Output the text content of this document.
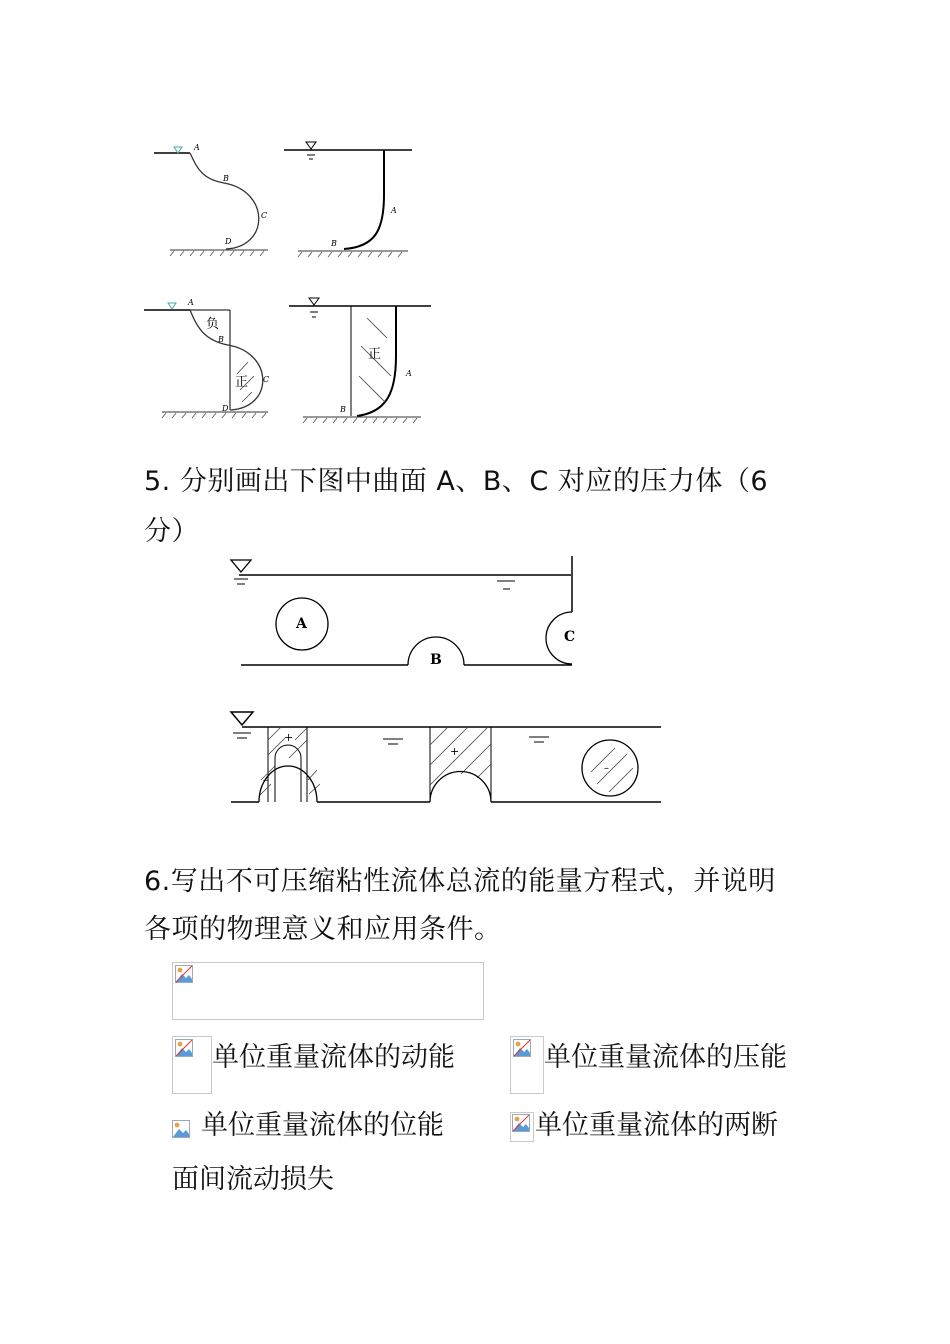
A
B
C
D
A
B
A
B
C
D
负
正
A
B
正
5. 分别画出下图中曲面 A、B、C 对应的压力体（6
分）
A
B
C
+
+
–
–
6.写出不可压缩粘性流体总流的能量方程式，并说明
各项的物理意义和应用条件。
单位重量流体的动能	单位重量流体的压能
单位重量流体的位能	单位重量流体的两断
面间流动损失
